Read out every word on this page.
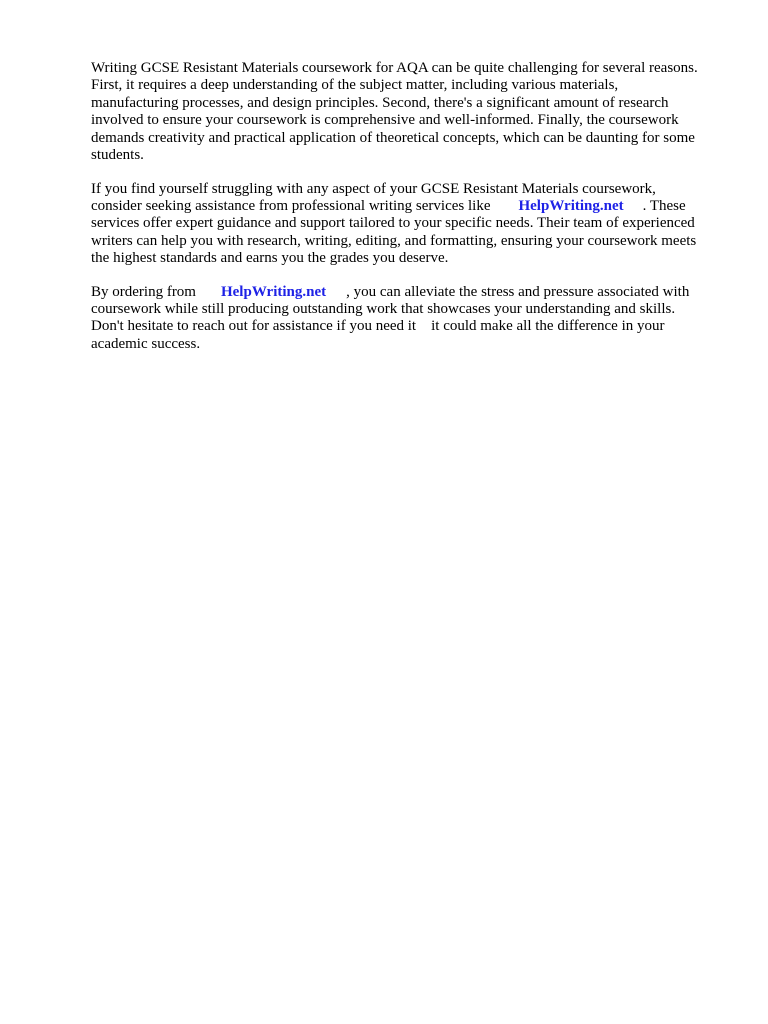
Writing GCSE Resistant Materials coursework for AQA can be quite challenging for several reasons.
First, it requires a deep understanding of the subject matter, including various materials,
manufacturing processes, and design principles. Second, there's a significant amount of research
involved to ensure your coursework is comprehensive and well-informed. Finally, the coursework
demands creativity and practical application of theoretical concepts, which can be daunting for some
students.
If you find yourself struggling with any aspect of your GCSE Resistant Materials coursework,
consider seeking assistance from professional writing services like HelpWriting.net . These
services offer expert guidance and support tailored to your specific needs. Their team of experienced
writers can help you with research, writing, editing, and formatting, ensuring your coursework meets
the highest standards and earns you the grades you deserve.
By ordering from HelpWriting.net , you can alleviate the stress and pressure associated with
coursework while still producing outstanding work that showcases your understanding and skills.
Don't hesitate to reach out for assistance if you need it it could make all the difference in your
academic success.
